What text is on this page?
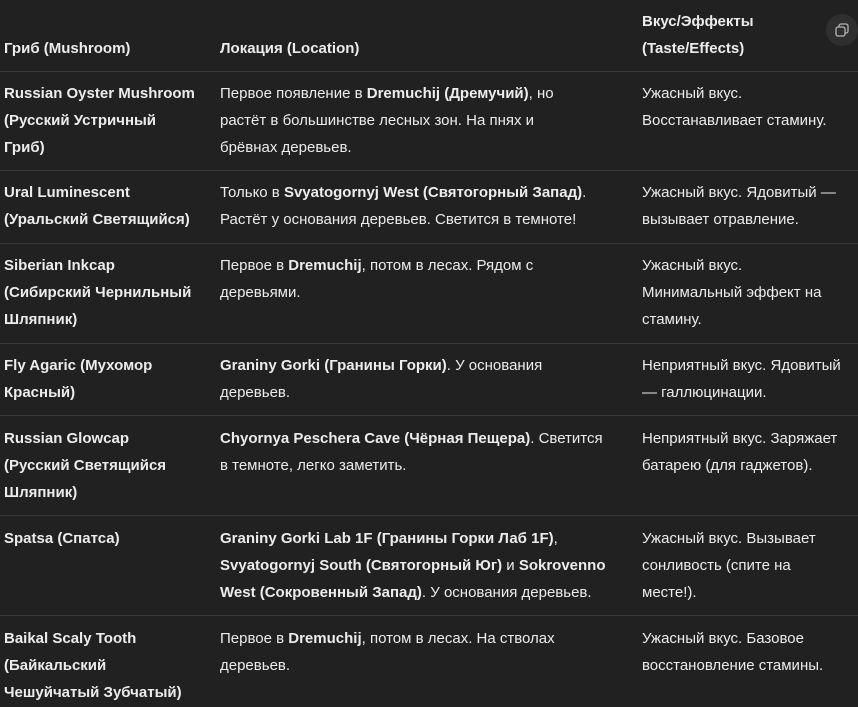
Гриб (Mushroom)	Локация (Location)
Вкус/Эффекты
(Taste/Effects)
Russian Oyster Mushroom
(Русский Устричный
Гриб)
Первое появление в Dremuchij (Дремучий), но
растёт в большинстве лесных зон. На пнях и
брёвнах деревьев.
Ужасный вкус.
Восстанавливает стамину.
Ural Luminescent
(Уральский Светящийся)
Только в Svyatogornyj West (Святогорный Запад).
Растёт у основания деревьев. Светится в темноте!
Ужасный вкус. Ядовитый —
вызывает отравление.
Siberian Inkcap
(Сибирский Чернильный
Шляпник)
Первое в Dremuchij, потом в лесах. Рядом с
деревьями.
Ужасный вкус.
Минимальный эффект на
стамину.
Fly Agaric (Мухомор
Красный)
Graniny Gorki (Гранины Горки). У основания
деревьев.
Неприятный вкус. Ядовитый
— галлюцинации.
Russian Glowcap
(Русский Светящийся
Шляпник)
Chyornya Peschera Cave (Чёрная Пещера). Светится
в темноте, легко заметить.
Неприятный вкус. Заряжает
батарею (для гаджетов).
Spatsa (Спатса)	Graniny Gorki Lab 1F (Гранины Горки Лаб 1F),
Svyatogornyj South (Святогорный Юг) и Sokrovenno
West (Сокровенный Запад). У основания деревьев.
Ужасный вкус. Вызывает
сонливость (спите на
месте!).
Baikal Scaly Tooth
(Байкальский
Чешуйчатый Зубчатый)
Первое в Dremuchij, потом в лесах. На стволах
деревьев.
Ужасный вкус. Базовое
восстановление стамины.
